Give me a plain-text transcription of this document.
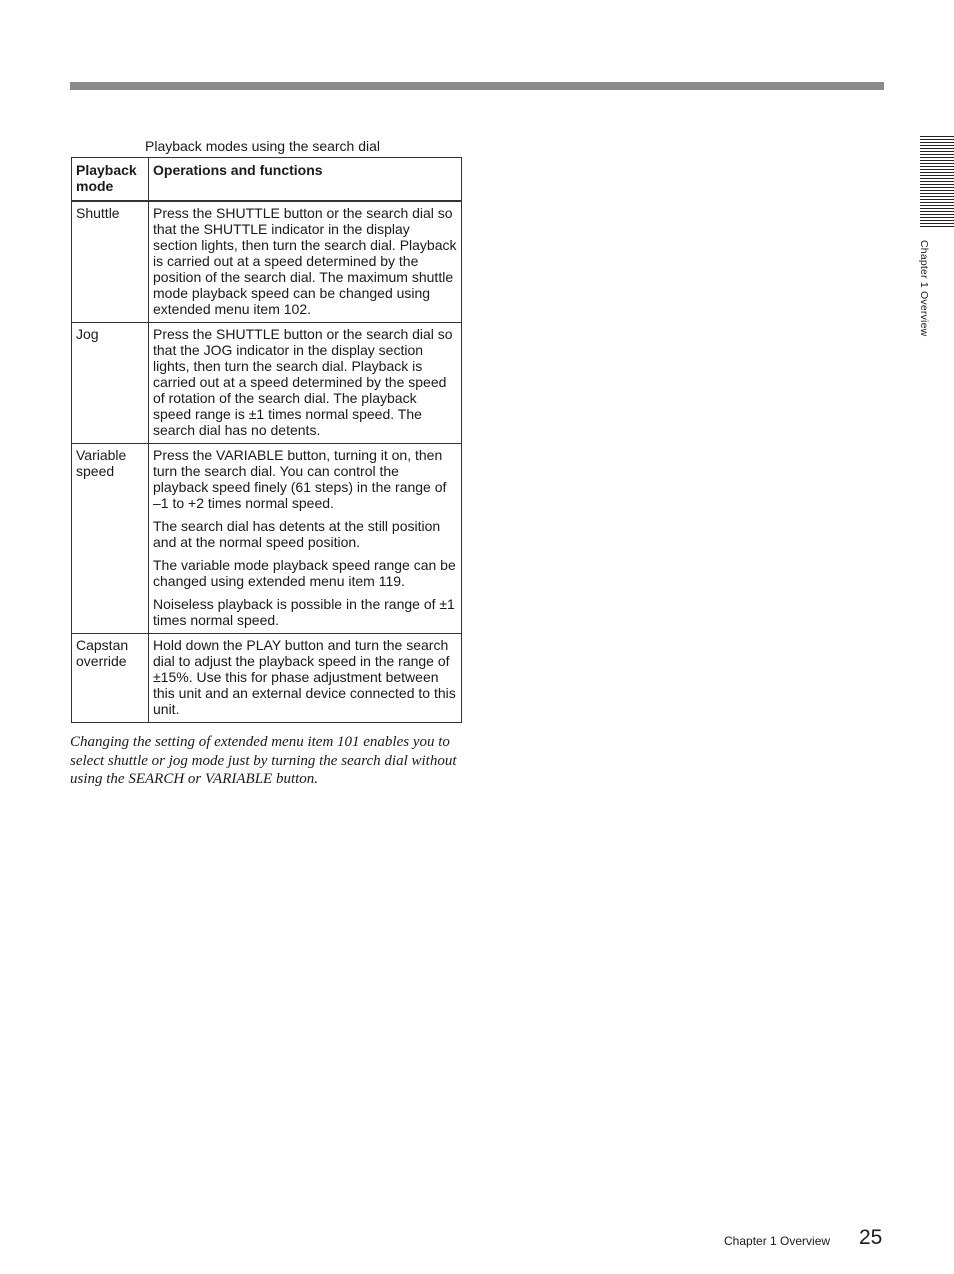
Playback modes using the search dial
Playback mode	Operations and functions
Shuttle	Press the SHUTTLE button or the search dial so that the SHUTTLE indicator in the display section lights, then turn the search dial. Playback is carried out at a speed determined by the position of the search dial. The maximum shuttle mode playback speed can be changed using extended menu item 102.

Jog	Press the SHUTTLE button or the search dial so that the JOG indicator in the display section lights, then turn the search dial. Playback is carried out at a speed determined by the speed of rotation of the search dial. The playback speed range is ±1 times normal speed. The search dial has no detents.

Variable speed	Press the VARIABLE button, turning it on, then turn the search dial. You can control the playback speed finely (61 steps) in the range of –1 to +2 times normal speed.

The search dial has detents at the still position and at the normal speed position.

The variable mode playback speed range can be changed using extended menu item 119.

Noiseless playback is possible in the range of ±1 times normal speed.

Capstan override	Hold down the PLAY button and turn the search dial to adjust the playback speed in the range of ±15%. Use this for phase adjustment between this unit and an external device connected to this unit.

Changing the setting of extended menu item 101 enables you to select shuttle or jog mode just by turning the search dial without using the SEARCH or VARIABLE button.
Chapter 1 Overview
Chapter 1 Overview 25
